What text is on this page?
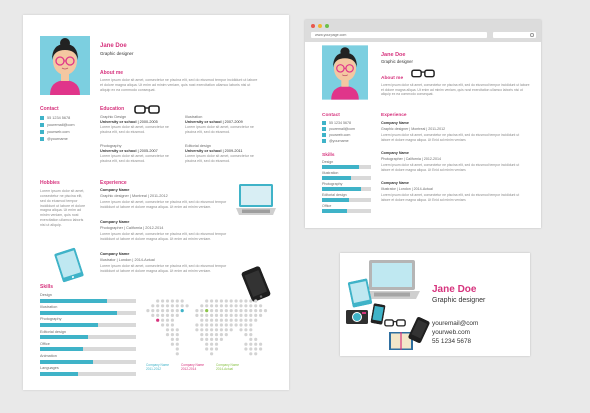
Jane Doe
Graphic designer
About me
Lorem ipsum dolor sit amet, consectetur ne piscina elit, sed do eiusmod tempor incididunt ut labore et dolore magna aliqua. Ut enim ad minim veniam, quis nost exercitation ullamco laboris nisi ut aliquip ex ea commodo consequat.
Contact
55 1234 5678
youremail@com
yourweb.com
@yourname
Education
Graphic Design
University or school | 2000-2005
Lorem ipsum dolor sit amet, consectetur ne piscina elit, sed do eiusmod.
Illustration
University or school | 2007-2009
Lorem ipsum dolor sit amet, consectetur ne piscina elit, sed do eiusmod.
Photography
University or school | 2005-2007
Lorem ipsum dolor sit amet, consectetur ne piscina elit, sed do eiusmod.
Editorial design
University or school | 2009-2011
Lorem ipsum dolor sit amet, consectetur ne piscina elit, sed do eiusmod.
Hobbies
Lorem ipsum dolor sit amet, consectetur ne piscina elit, sed do eiusmod tempor incididunt ut labore et dolore magna aliqua. Ut enim ad minim veniam, quis nost exercitation ullamco laboris nisi ut aliquip.
Experience
Company Name
Graphic designer | Montreal | 2011-2012
Lorem ipsum dolor sit amet, consectetur ne piscina elit, sed do eiusmod tempor incididunt ut labore et dolore magna aliqua. Ut enim ad minim veniam.
Company Name
Photographer | California | 2012-2014
Lorem ipsum dolor sit amet, consectetur ne piscina elit, sed do eiusmod tempor incididunt ut labore et dolore magna aliqua. Ut enim ad minim veniam.
Company Name
Illustrator | London | 2014-Actual
Lorem ipsum dolor sit amet, consectetur ne piscina elit, sed do eiusmod tempor incididunt ut labore et dolore magna aliqua. Ut enim ad minim veniam.
Skills
Design
Illustration
Photography
Editorial design
Office
Animation
Languages
Company Name
2011-2012
Company Name
2012-2014
Company Name
2014-Actual
www.yourpage.com
Jane Doe
Graphic designer
About me
Lorem ipsum dolor sit amet, consectetur ne piscina elit, sed do eiusmod tempor incididunt ut labore et dolore magna aliqua. Ut enim ad minim veniam, quis nost exercitation ullamco laboris nisi ut aliquip ex ea commodo consequat.
Contact
55 1234 5678
youremail@com
yourweb.com
@yourname
Skills
Design
Illustration
Photography
Editorial design
Office
Experience
Company Name
Graphic designer | Montreal | 2011-2012
Lorem ipsum dolor sit amet, consectetur ne piscina elit, sed do eiusmod tempor incididunt ut labore et dolore magna aliqua. Ut Enid ad minim veniam.
Company Name
Photographer | California | 2012-2014
Lorem ipsum dolor sit amet, consectetur ne piscina elit, sed do eiusmod tempor incididunt ut labore et dolore magna aliqua. Ut Enid ad minim veniam.
Company Name
Illustrator | London | 2014-Actual
Lorem ipsum dolor sit amet, consectetur ne piscina elit, sed do eiusmod tempor incididunt ut labore et dolore magna aliqua. Ut Enid ad minim veniam.
Jane Doe
Graphic designer
youremail@com
yourweb.com
55 1234 5678
